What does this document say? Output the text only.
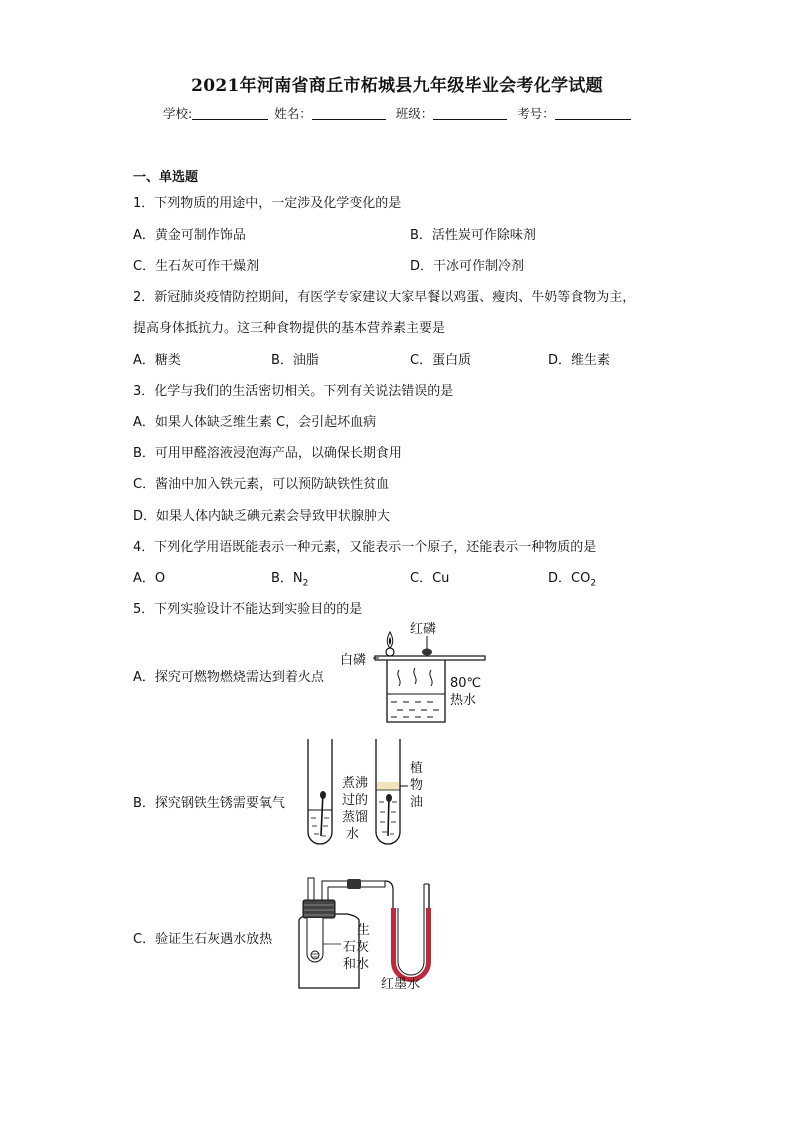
2021年河南省商丘市柘城县九年级毕业会考化学试题
学校:	姓名：	班级：	考号：
一、单选题
1．下列物质的用途中，一定涉及化学变化的是
A．黄金可制作饰品	B．活性炭可作除味剂
C．生石灰可作干燥剂	D．干冰可作制冷剂
2．新冠肺炎疫情防控期间，有医学专家建议大家早餐以鸡蛋、瘦肉、牛奶等食物为主，
提高身体抵抗力。这三种食物提供的基本营养素主要是
A．糖类	B．油脂	C．蛋白质	D．维生素
3．化学与我们的生活密切相关。下列有关说法错误的是
A．如果人体缺乏维生素 C，会引起坏血病
B．可用甲醛溶液浸泡海产品，以确保长期食用
C．酱油中加入铁元素，可以预防缺铁性贫血
D．如果人体内缺乏碘元素会导致甲状腺肿大
4．下列化学用语既能表示一种元素，又能表示一个原子，还能表示一种物质的是
A．O	B．$N_2$	C．Cu	D．$CO_2$
5．下列实验设计不能达到实验目的的是
A．探究可燃物燃烧需达到着火点
B．探究钢铁生锈需要氧气
C．验证生石灰遇水放热
红磷
白磷
80℃
热水
煮沸
过的
蒸馏
水
植
物
油
生
石灰
和水
红墨水
